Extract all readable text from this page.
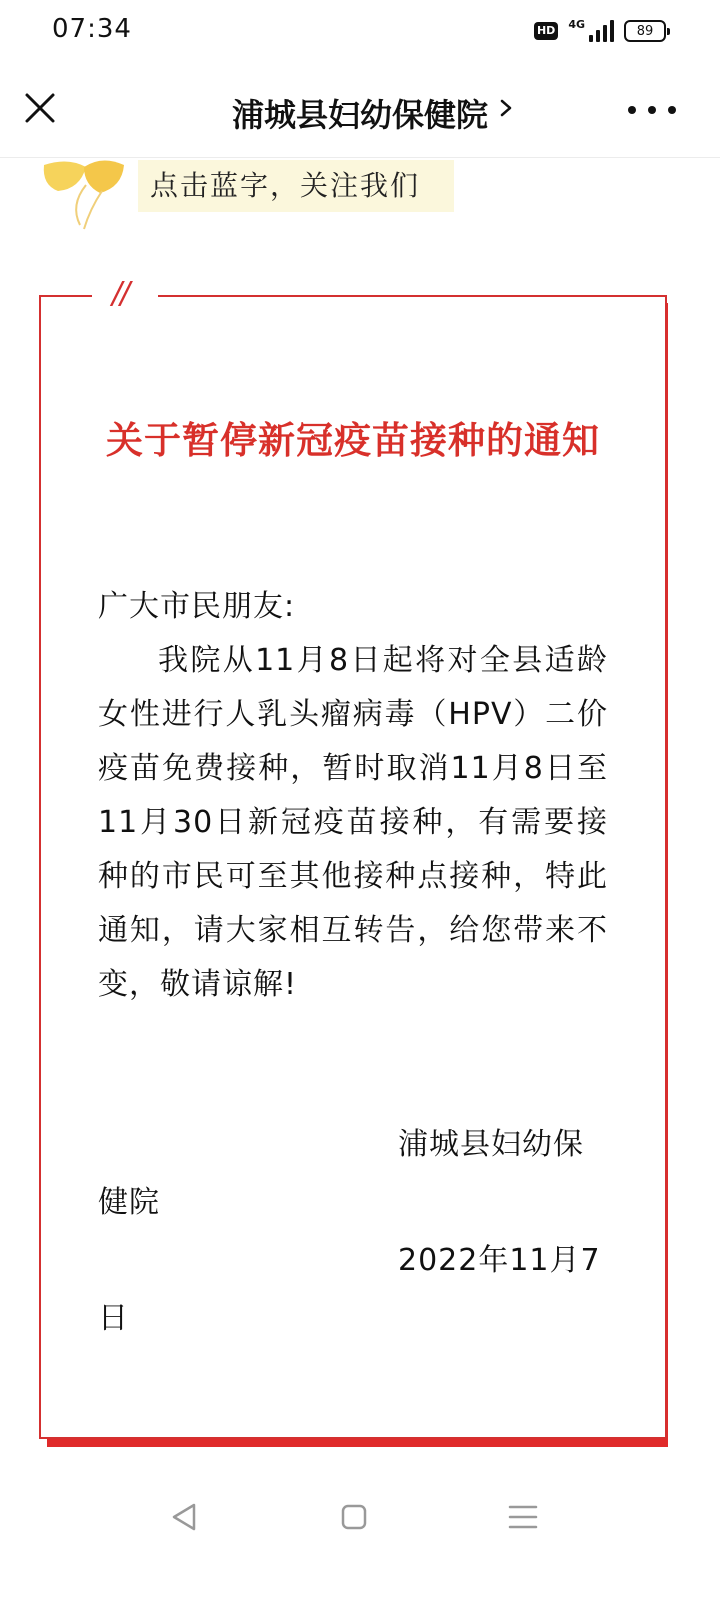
07:34	HD 4G	89
浦城县妇幼保健院
点击蓝字，关注我们
//
关于暂停新冠疫苗接种的通知
广大市民朋友:
我院从11月8日起将对全县适龄女性进行人乳头瘤病毒（HPV）二价疫苗免费接种，暂时取消11月8日至11月30日新冠疫苗接种，有需要接种的市民可至其他接种点接种，特此通知，请大家相互转告，给您带来不变，敬请谅解!
浦城县妇幼保健院
2022年11月7日
